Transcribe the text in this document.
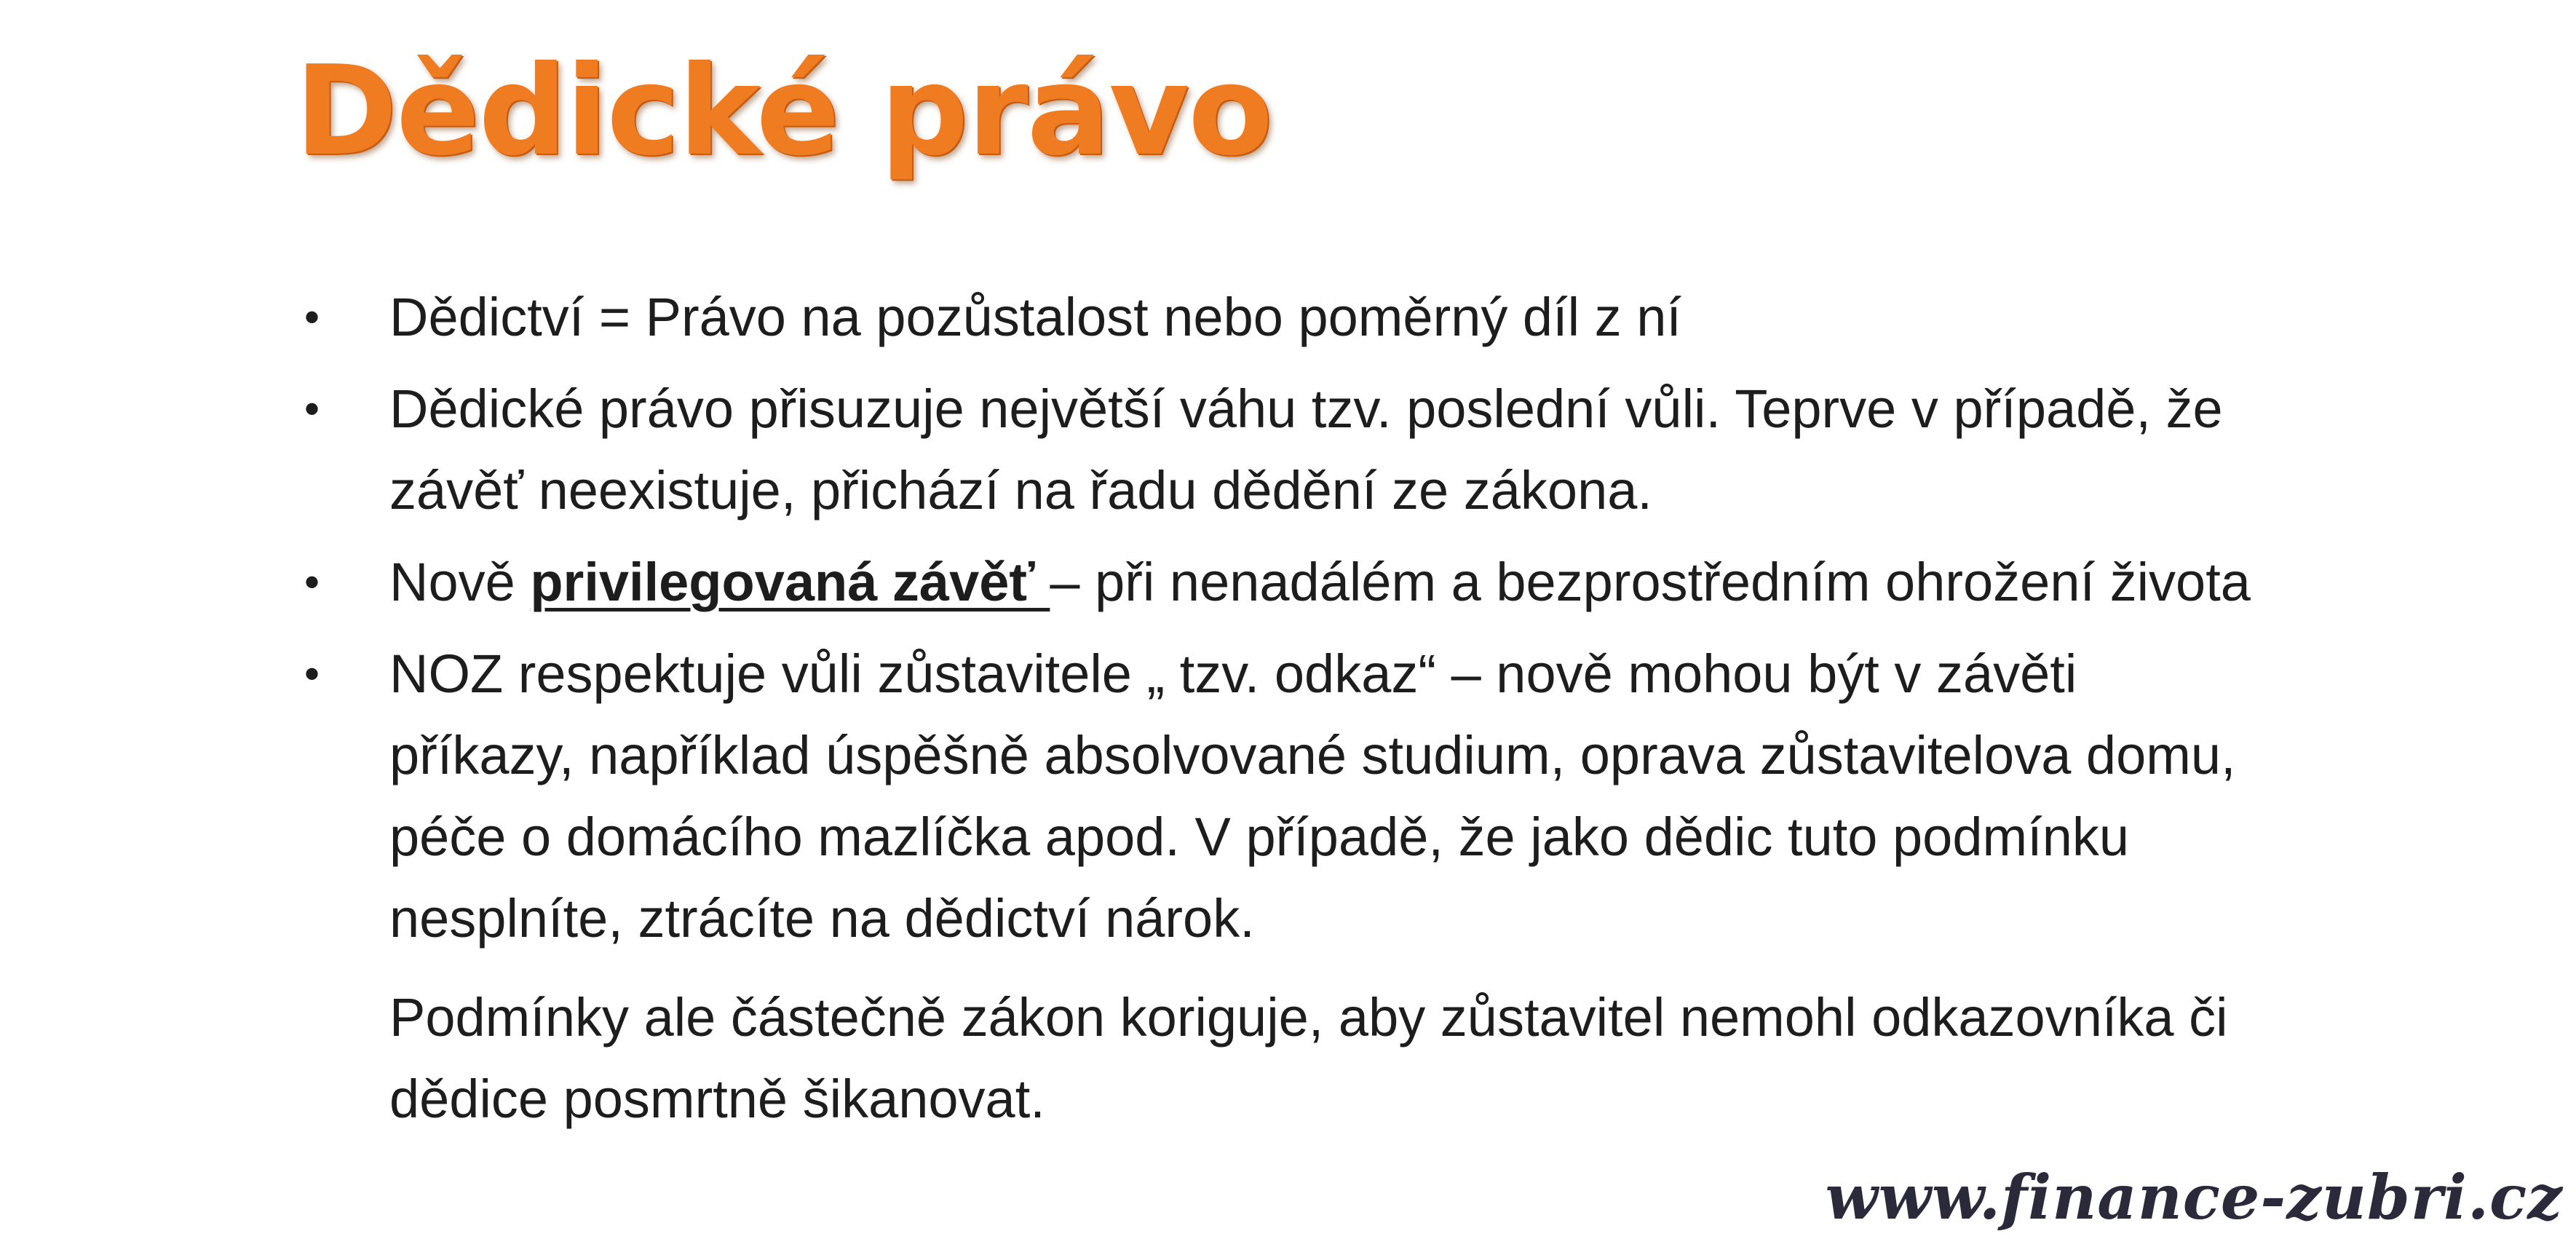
Dědické právo
• Dědictví = Právo na pozůstalost nebo poměrný díl z ní
• Dědické právo přisuzuje největší váhu tzv. poslední vůli. Teprve v případě, že závěť neexistuje, přichází na řadu dědění ze zákona.
• Nově privilegovaná závěť – při nenadálém a bezprostředním ohrožení života
• NOZ respektuje vůli zůstavitele „ tzv. odkaz“ – nově mohou být v závěti příkazy, například úspěšně absolvované studium, oprava zůstavitelova domu, péče o domácího mazlíčka apod. V případě, že jako dědic tuto podmínku nesplníte, ztrácíte na dědictví nárok.
Podmínky ale částečně zákon koriguje, aby zůstavitel nemohl odkazovníka či dědice posmrtně šikanovat.
www.finance-zubri.cz
